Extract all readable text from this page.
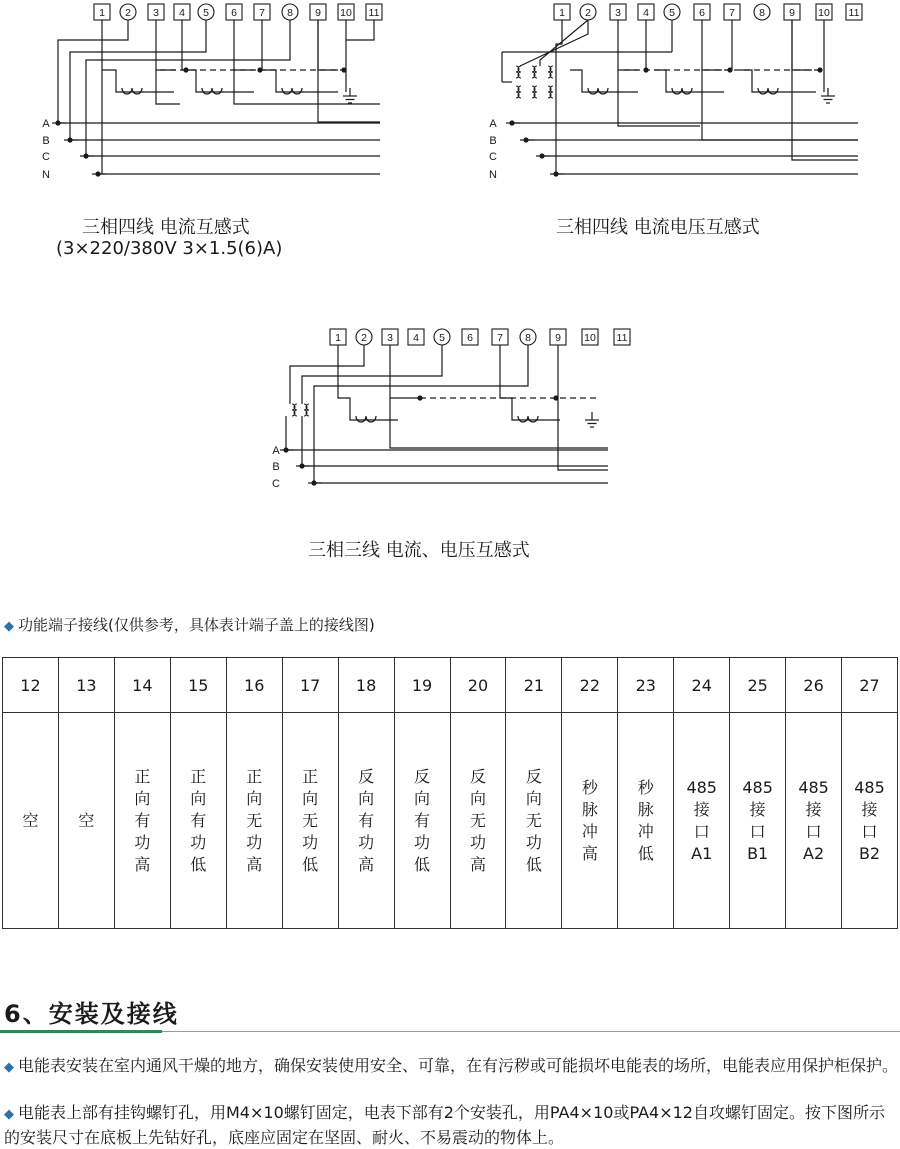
1 2 3 4 5 6 7 8 9 10 11
A
B
C
N
1 2 3 4 5 6 7 8 9 10 11
A
B
C
N
1 2 3 4 5 6 7 8 9 10 11
A
B
C
三相四线 电流互感式
(3×220/380V 3×1.5(6)A)
三相四线 电流电压互感式
三相三线 电流、电压互感式
◆ 功能端子接线(仅供参考，具体表计端子盖上的接线图)
12	13	14	15	16	17	18	19	20	21	22	23	24	25	26	27
空	空	正
向
有
功
高	正
向
有
功
低	正
向
无
功
高	正
向
无
功
低	反
向
有
功
高	反
向
有
功
低	反
向
无
功
高	反
向
无
功
低	秒
脉
冲
高	秒
脉
冲
低	485
接
口
A1	485
接
口
B1	485
接
口
A2	485
接
口
B2
6、安装及接线
◆ 电能表安装在室内通风干燥的地方，确保安装使用安全、可靠，在有污秽或可能损坏电能表的场所，电能表应用保护柜保护。
◆ 电能表上部有挂钩螺钉孔，用M4×10螺钉固定，电表下部有2个安装孔，用PA4×10或PA4×12自攻螺钉固定。按下图所示的安装尺寸在底板上先钻好孔，底座应固定在坚固、耐火、不易震动的物体上。
